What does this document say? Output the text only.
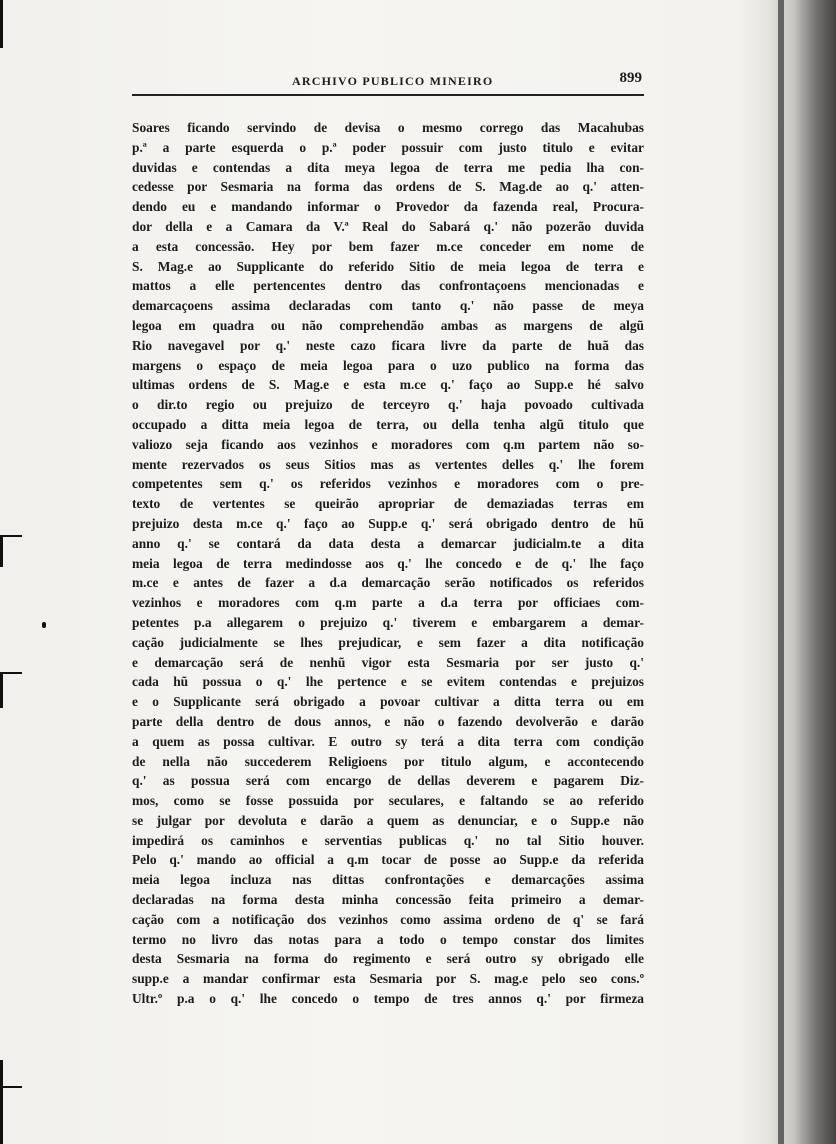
ARCHIVO PUBLICO MINEIRO	899
Soares ficando servindo de devisa o mesmo corrego das Macahubas
p.ª a parte esquerda o p.ª poder possuir com justo titulo e evitar
duvidas e contendas a dita meya legoa de terra me pedia lha con-
cedesse por Sesmaria na forma das ordens de S. Mag.de ao q.' atten-
dendo eu e mandando informar o Provedor da fazenda real, Procura-
dor della e a Camara da V.ª Real do Sabará q.' não pozerão duvida
a esta concessão. Hey por bem fazer m.ce conceder em nome de
S. Mag.e ao Supplicante do referido Sitio de meia legoa de terra e
mattos a elle pertencentes dentro das confrontaçoens mencionadas e
demarcaçoens assima declaradas com tanto q.' não passe de meya
legoa em quadra ou não comprehendão ambas as margens de algũ
Rio navegavel por q.' neste cazo ficara livre da parte de huã das
margens o espaço de meia legoa para o uzo publico na forma das
ultimas ordens de S. Mag.e e esta m.ce q.' faço ao Supp.e hé salvo
o dir.to regio ou prejuizo de terceyro q.' haja povoado cultivada
occupado a ditta meia legoa de terra, ou della tenha algũ titulo que
valiozo seja ficando aos vezinhos e moradores com q.m partem não so-
mente rezervados os seus Sitios mas as vertentes delles q.' lhe forem
competentes sem q.' os referidos vezinhos e moradores com o pre-
texto de vertentes se queirão apropriar de demaziadas terras em
prejuizo desta m.ce q.' faço ao Supp.e q.' será obrigado dentro de hũ
anno q.' se contará da data desta a demarcar judicialm.te a dita
meia legoa de terra medindosse aos q.' lhe concedo e de q.' lhe faço
m.ce e antes de fazer a d.a demarcação serão notificados os referidos
vezinhos e moradores com q.m parte a d.a terra por officiaes com-
petentes p.a allegarem o prejuizo q.' tiverem e embargarem a demar-
cação judicialmente se lhes prejudicar, e sem fazer a dita notificação
e demarcação será de nenhũ vigor esta Sesmaria por ser justo q.'
cada hũ possua o q.' lhe pertence e se evitem contendas e prejuizos
e o Supplicante será obrigado a povoar cultivar a ditta terra ou em
parte della dentro de dous annos, e não o fazendo devolverão e darão
a quem as possa cultivar. E outro sy terá a dita terra com condição
de nella não succederem Religioens por titulo algum, e accontecendo
q.' as possua será com encargo de dellas deverem e pagarem Diz-
mos, como se fosse possuida por seculares, e faltando se ao referido
se julgar por devoluta e darão a quem as denunciar, e o Supp.e não
impedirá os caminhos e serventias publicas q.' no tal Sitio houver.
Pelo q.' mando ao official a q.m tocar de posse ao Supp.e da referida
meia legoa incluza nas dittas confrontações e demarcações assima
declaradas na forma desta minha concessão feita primeiro a demar-
cação com a notificação dos vezinhos como assima ordeno de q' se fará
termo no livro das notas para a todo o tempo constar dos limites
desta Sesmaria na forma do regimento e será outro sy obrigado elle
supp.e a mandar confirmar esta Sesmaria por S. mag.e pelo seo cons.º
Ultr.º p.a o q.' lhe concedo o tempo de tres annos q.' por firmeza
